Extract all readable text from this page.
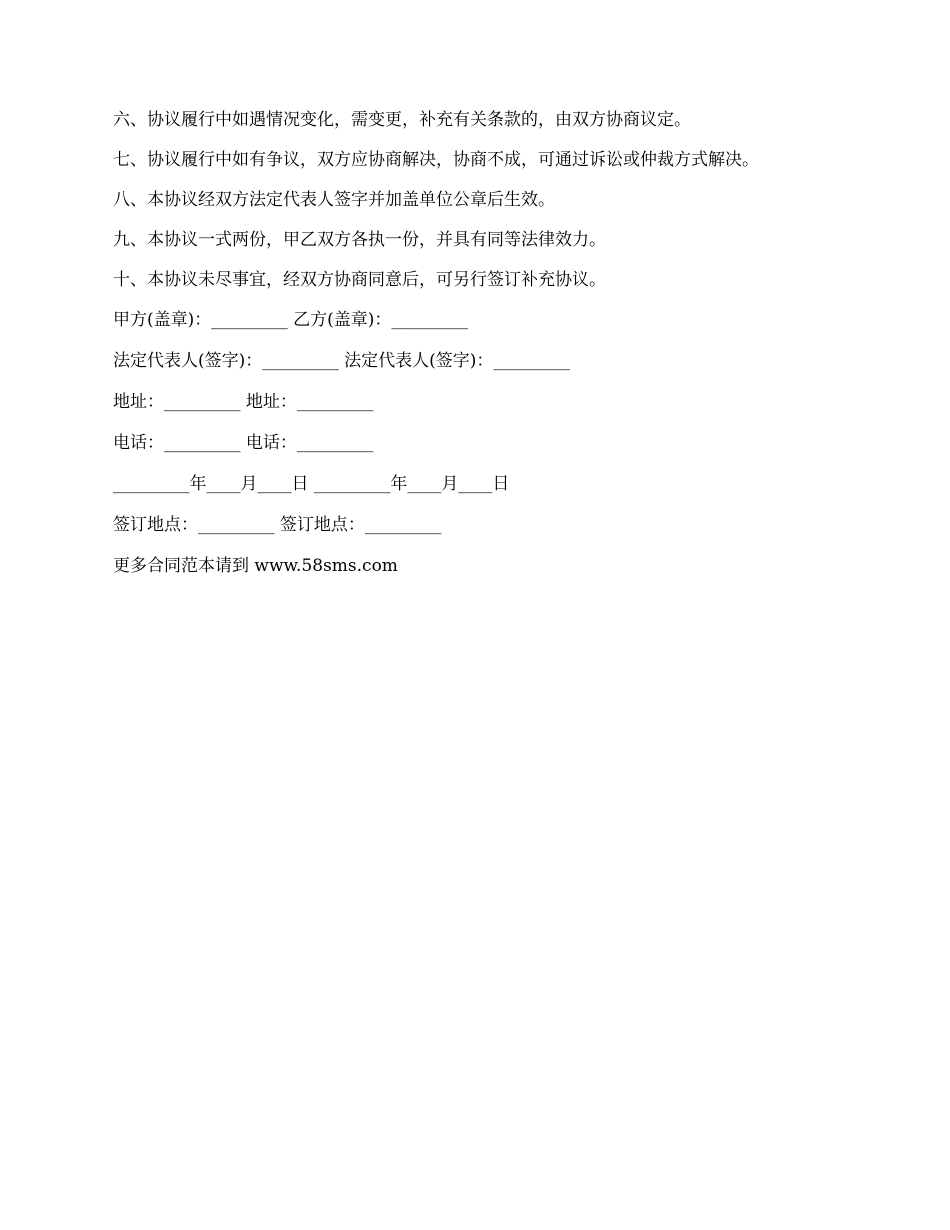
六、协议履行中如遇情况变化，需变更，补充有关条款的，由双方协商议定。
七、协议履行中如有争议，双方应协商解决，协商不成，可通过诉讼或仲裁方式解决。
八、本协议经双方法定代表人签字并加盖单位公章后生效。
九、本协议一式两份，甲乙双方各执一份，并具有同等法律效力。
十、本协议未尽事宜，经双方协商同意后，可另行签订补充协议。
甲方(盖章)：_________ 乙方(盖章)：_________
法定代表人(签字)：_________ 法定代表人(签字)：_________
地址：_________ 地址：_________
电话：_________ 电话：_________
_________年____月____日 _________年____月____日
签订地点：_________ 签订地点：_________
更多合同范本请到 www.58sms.com
